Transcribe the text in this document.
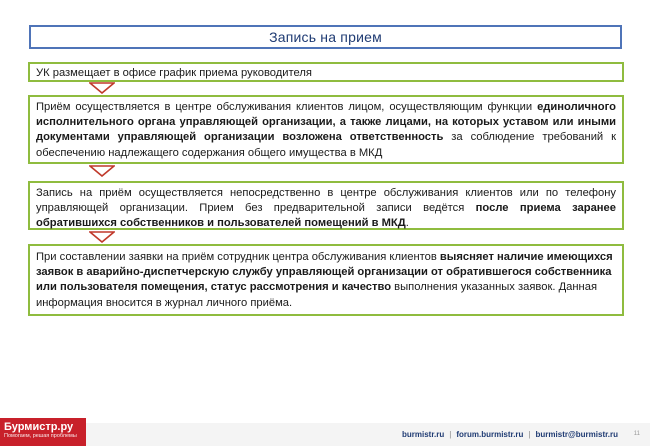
Запись на прием
УК размещает в офисе график приема руководителя
Приём осуществляется в центре обслуживания клиентов лицом, осуществляющим функции единоличного исполнительного органа управляющей организации, а также лицами, на которых уставом или иными документами управляющей организации возложена ответственность за соблюдение требований к обеспечению надлежащего содержания общего имущества в МКД
Запись на приём осуществляется непосредственно в центре обслуживания клиентов или по телефону управляющей организации. Прием без предварительной записи ведётся после приема заранее обратившихся собственников и пользователей помещений в МКД.
При составлении заявки на приём сотрудник центра обслуживания клиентов выясняет наличие имеющихся заявок в аварийно-диспетчерскую службу управляющей организации от обратившегося собственника или пользователя помещения, статус рассмотрения и качество выполнения указанных заявок. Данная информация вносится в журнал личного приёма.
Бурмистр.ру
Помогаем, решая проблемы	burmistr.ru | forum.burmistr.ru | burmistr@burmistr.ru	11
